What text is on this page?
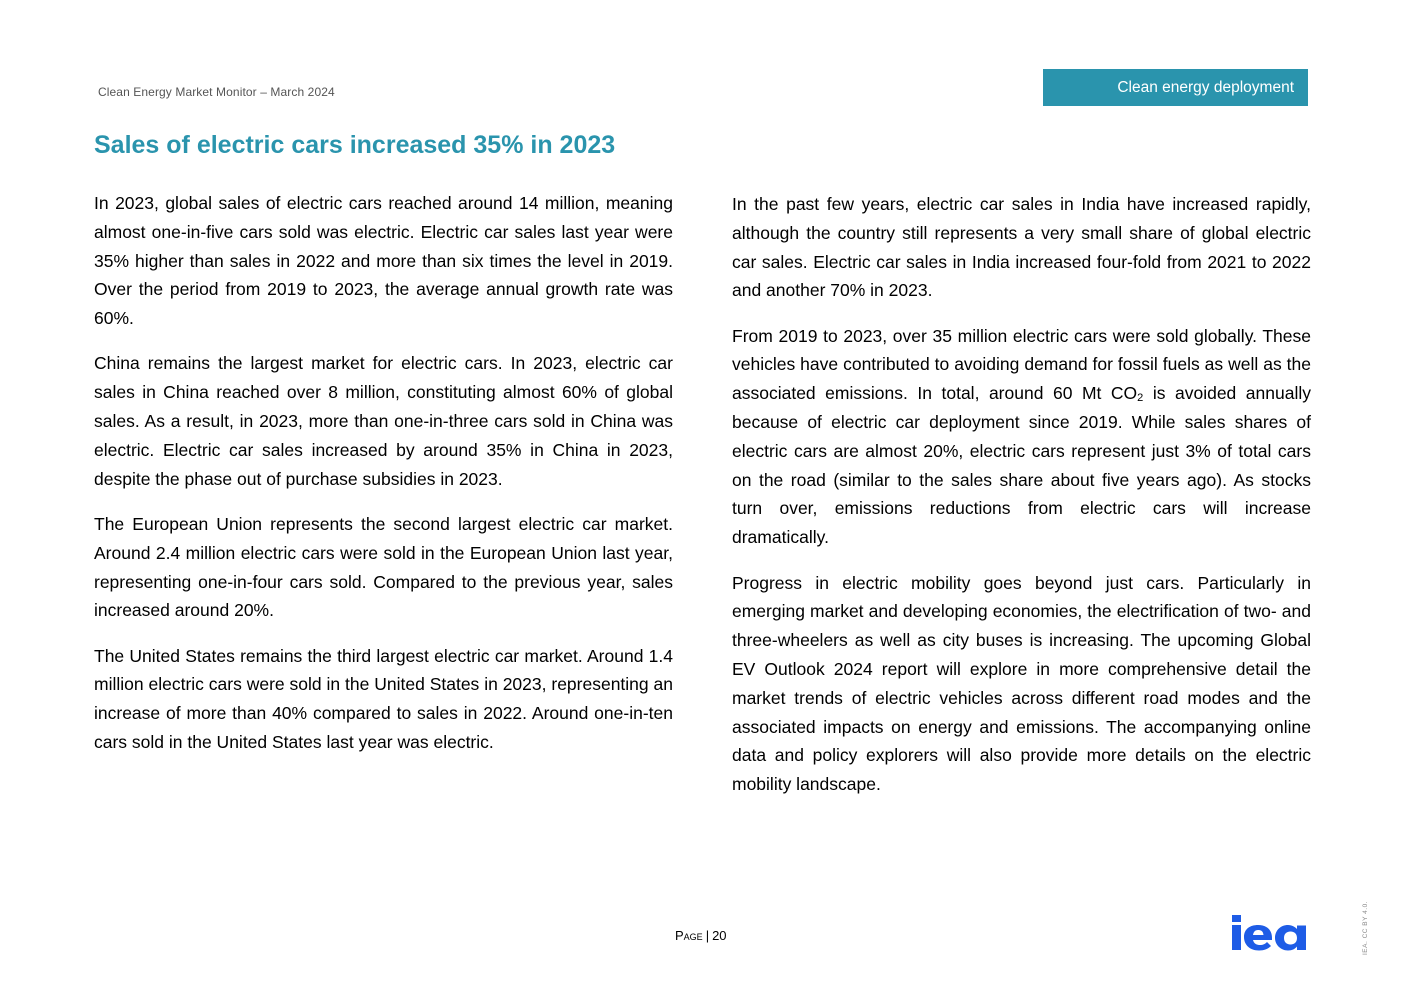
Clean Energy Market Monitor – March 2024	Clean energy deployment
Sales of electric cars increased 35% in 2023

In 2023, global sales of electric cars reached around 14 million, meaning almost one-in-five cars sold was electric. Electric car sales last year were 35% higher than sales in 2022 and more than six times the level in 2019. Over the period from 2019 to 2023, the average annual growth rate was 60%.

China remains the largest market for electric cars. In 2023, electric car sales in China reached over 8 million, constituting almost 60% of global sales. As a result, in 2023, more than one-in-three cars sold in China was electric. Electric car sales increased by around 35% in China in 2023, despite the phase out of purchase subsidies in 2023.

The European Union represents the second largest electric car market. Around 2.4 million electric cars were sold in the European Union last year, representing one-in-four cars sold. Compared to the previous year, sales increased around 20%.

The United States remains the third largest electric car market. Around 1.4 million electric cars were sold in the United States in 2023, representing an increase of more than 40% compared to sales in 2022. Around one-in-ten cars sold in the United States last year was electric.

In the past few years, electric car sales in India have increased rapidly, although the country still represents a very small share of global electric car sales. Electric car sales in India increased four-fold from 2021 to 2022 and another 70% in 2023.

From 2019 to 2023, over 35 million electric cars were sold globally. These vehicles have contributed to avoiding demand for fossil fuels as well as the associated emissions. In total, around 60 Mt $CO_2$ is avoided annually because of electric car deployment since 2019. While sales shares of electric cars are almost 20%, electric cars represent just 3% of total cars on the road (similar to the sales share about five years ago). As stocks turn over, emissions reductions from electric cars will increase dramatically.

Progress in electric mobility goes beyond just cars. Particularly in emerging market and developing economies, the electrification of two- and three-wheelers as well as city buses is increasing. The upcoming Global EV Outlook 2024 report will explore in more comprehensive detail the market trends of electric vehicles across different road modes and the associated impacts on energy and emissions. The accompanying online data and policy explorers will also provide more details on the electric mobility landscape.

Page | 20	IEA. CC BY 4.0.
